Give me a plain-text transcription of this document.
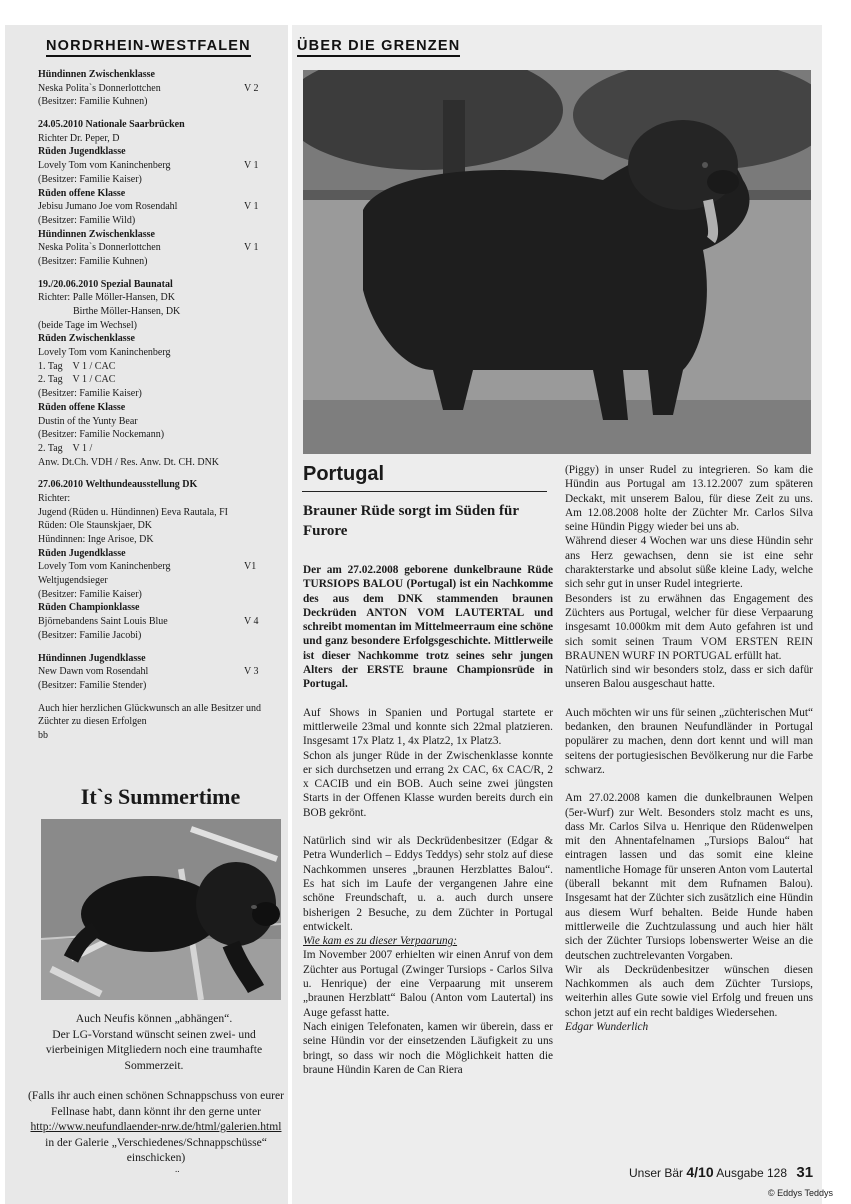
NORDRHEIN-WESTFALEN	ÜBER DIE GRENZEN
Hündinnen Zwischenklasse
Neska Polita`s Donnerlottchen	V 2
(Besitzer: Familie Kuhnen)
24.05.2010 Nationale Saarbrücken
Richter Dr. Peper, D
Rüden Jugendklasse
Lovely Tom vom Kaninchenberg	V 1
(Besitzer: Familie Kaiser)
Rüden offene Klasse
Jebisu Jumano Joe vom Rosendahl	V 1
(Besitzer: Familie Wild)
Hündinnen Zwischenklasse
Neska Polita`s Donnerlottchen	V 1
(Besitzer: Familie Kuhnen)
19./20.06.2010 Spezial Baunatal
Richter: Palle Möller-Hansen, DK
Birthe Möller-Hansen, DK
(beide Tage im Wechsel)
Rüden Zwischenklasse
Lovely Tom vom Kaninchenberg
1. Tag    V 1 / CAC
2. Tag    V 1 / CAC
(Besitzer: Familie Kaiser)
Rüden offene Klasse
Dustin of the Yunty Bear
(Besitzer: Familie Nockemann)
2. Tag    V 1 /
Anw. Dt.Ch. VDH / Res. Anw. Dt. CH. DNK
27.06.2010 Welthundeausstellung DK
Richter:
Jugend (Rüden u. Hündinnen) Eeva Rautala, FI
Rüden: Ole Staunskjaer, DK
Hündinnen: Inge Arisoe, DK
Rüden Jugendklasse
Lovely Tom vom Kaninchenberg	V1
Weltjugendsieger
(Besitzer: Familie Kaiser)
Rüden Championklasse
Björnebandens Saint Louis Blue	V 4
(Besitzer: Familie Jacobi)
Hündinnen Jugendklasse
New Dawn vom Rosendahl	V 3
(Besitzer: Familie Stender)
Auch hier herzlichen Glückwunsch an alle Besitzer und Züchter zu diesen Erfolgen
bb
It`s Summertime
Auch Neufis können „abhängen“.
Der LG-Vorstand wünscht seinen zwei- und
vierbeinigen Mitgliedern noch eine traumhafte
Sommerzeit.
(Falls ihr auch einen schönen Schnappschuss von eurer Fellnase habt, dann könnt ihr den gerne unter http://www.neufundlaender-nrw.de/html/galerien.html in der Galerie „Verschiedenes/Schnappschüsse“ einschicken)
..
Portugal
Brauner Rüde sorgt im Süden für Furore

Der am 27.02.2008 geborene dunkelbraune Rüde TURSIOPS BALOU (Portugal) ist ein Nachkomme des aus dem DNK stammenden braunen Deckrüden ANTON VOM LAUTERTAL und schreibt momentan im Mittelmeerraum eine schöne und ganz besondere Erfolgsgeschichte. Mittlerweile ist dieser Nachkomme trotz seines sehr jungen Alters der ERSTE braune Championsrüde in Portugal.

Auf Shows in Spanien und Portugal startete er mittlerweile 23mal und konnte sich 22mal platzieren. Insgesamt 17x Platz 1, 4x Platz2, 1x Platz3.

Schon als junger Rüde in der Zwischenklasse konnte er sich durchsetzen und errang 2x CAC, 6x CAC/R, 2 x CACIB und ein BOB. Auch seine zwei jüngsten Starts in der Offenen Klasse wurden bereits durch ein BOB gekrönt.

Natürlich sind wir als Deckrüdenbesitzer (Edgar & Petra Wunderlich – Eddys Teddys) sehr stolz auf diese Nachkommen unseres „braunen Herzblattes Balou“. Es hat sich im Laufe der vergangenen Jahre eine schöne Freundschaft, u. a. auch durch unsere bisherigen 2 Besuche, zu dem Züchter in Portugal entwickelt.

Wie kam es zu dieser Verpaarung:

Im November 2007 erhielten wir einen Anruf von dem Züchter aus Portugal (Zwinger Tursiops - Carlos Silva u. Henrique) der eine Verpaarung mit unserem „braunen Herzblatt“ Balou (Anton vom Lautertal) ins Auge gefasst hatte.

Nach einigen Telefonaten, kamen wir überein, dass er seine Hündin vor der einsetzenden Läufigkeit zu uns bringt, so dass wir noch die Möglichkeit hatten die braune Hündin Karen de Can Riera

(Piggy) in unser Rudel zu integrieren. So kam die Hündin aus Portugal am 13.12.2007 zum späteren Deckakt, mit unserem Balou, für diese Zeit zu uns. Am 12.08.2008 holte der Züchter Mr. Carlos Silva seine Hündin Piggy wieder bei uns ab.

Während dieser 4 Wochen war uns diese Hündin sehr ans Herz gewachsen, denn sie ist eine sehr charakterstarke und absolut süße kleine Lady, welche sich sehr gut in unser Rudel integrierte.

Besonders ist zu erwähnen das Engagement des Züchters aus Portugal, welcher für diese Verpaarung insgesamt 10.000km mit dem Auto gefahren ist und sich somit seinen Traum VOM ERSTEN REIN BRAUNEN WURF IN PORTUGAL erfüllt hat.

Natürlich sind wir besonders stolz, dass er sich dafür unseren Balou ausgeschaut hatte.

Auch möchten wir uns für seinen „züchterischen Mut“ bedanken, den braunen Neufundländer in Portugal populärer zu machen, denn dort kennt und will man seitens der portugiesischen Bevölkerung nur die Farbe schwarz.

Am 27.02.2008 kamen die dunkelbraunen Welpen (5er-Wurf) zur Welt. Besonders stolz macht es uns, dass Mr. Carlos Silva u. Henrique den Rüdenwelpen mit den Ahnentafelnamen „Tursiops Balou“ hat eintragen lassen und das somit eine kleine namentliche Homage für unseren Anton vom Lautertal (überall bekannt mit dem Rufnamen Balou). Insgesamt hat der Züchter sich zusätzlich eine Hündin aus diesem Wurf behalten. Beide Hunde haben mittlerweile die Zuchtzulassung und auch hier hält sich der Züchter Tursiops lobenswerter Weise an die deutschen zuchtrelevanten Vorgaben.

Wir als Deckrüdenbesitzer wünschen diesen Nachkommen als auch dem Züchter Tursiops, weiterhin alles Gute sowie viel Erfolg und freuen uns schon jetzt auf ein recht baldiges Wiedersehen.

Edgar Wunderlich

Unser Bär 4/10 Ausgabe 128 31
© Eddys Teddys
